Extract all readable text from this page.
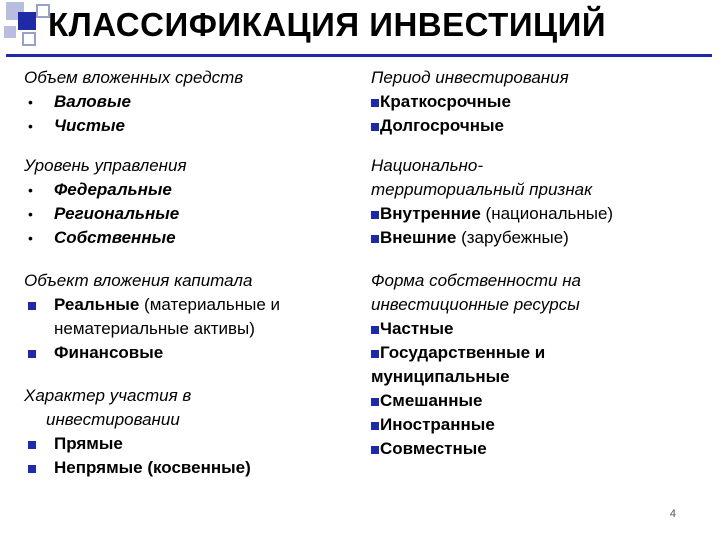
КЛАССИФИКАЦИЯ ИНВЕСТИЦИЙ

Объем вложенных средств

• Валовые

• Чистые

Уровень управления

• Федеральные

• Региональные

• Собственные

Объект вложения капитала

Реальные (материальные и
нематериальные активы)

Финансовые

Характер участия в
инвестировании

Прямые

Непрямые (косвенные)

Период инвестирования

Краткосрочные

Долгосрочные

Национально-
территориальный признак

Внутренние (национальные)

Внешние (зарубежные)

Форма собственности на
инвестиционные ресурсы

Частные

Государственные и

муниципальные

Смешанные

Иностранные

Совместные

4
